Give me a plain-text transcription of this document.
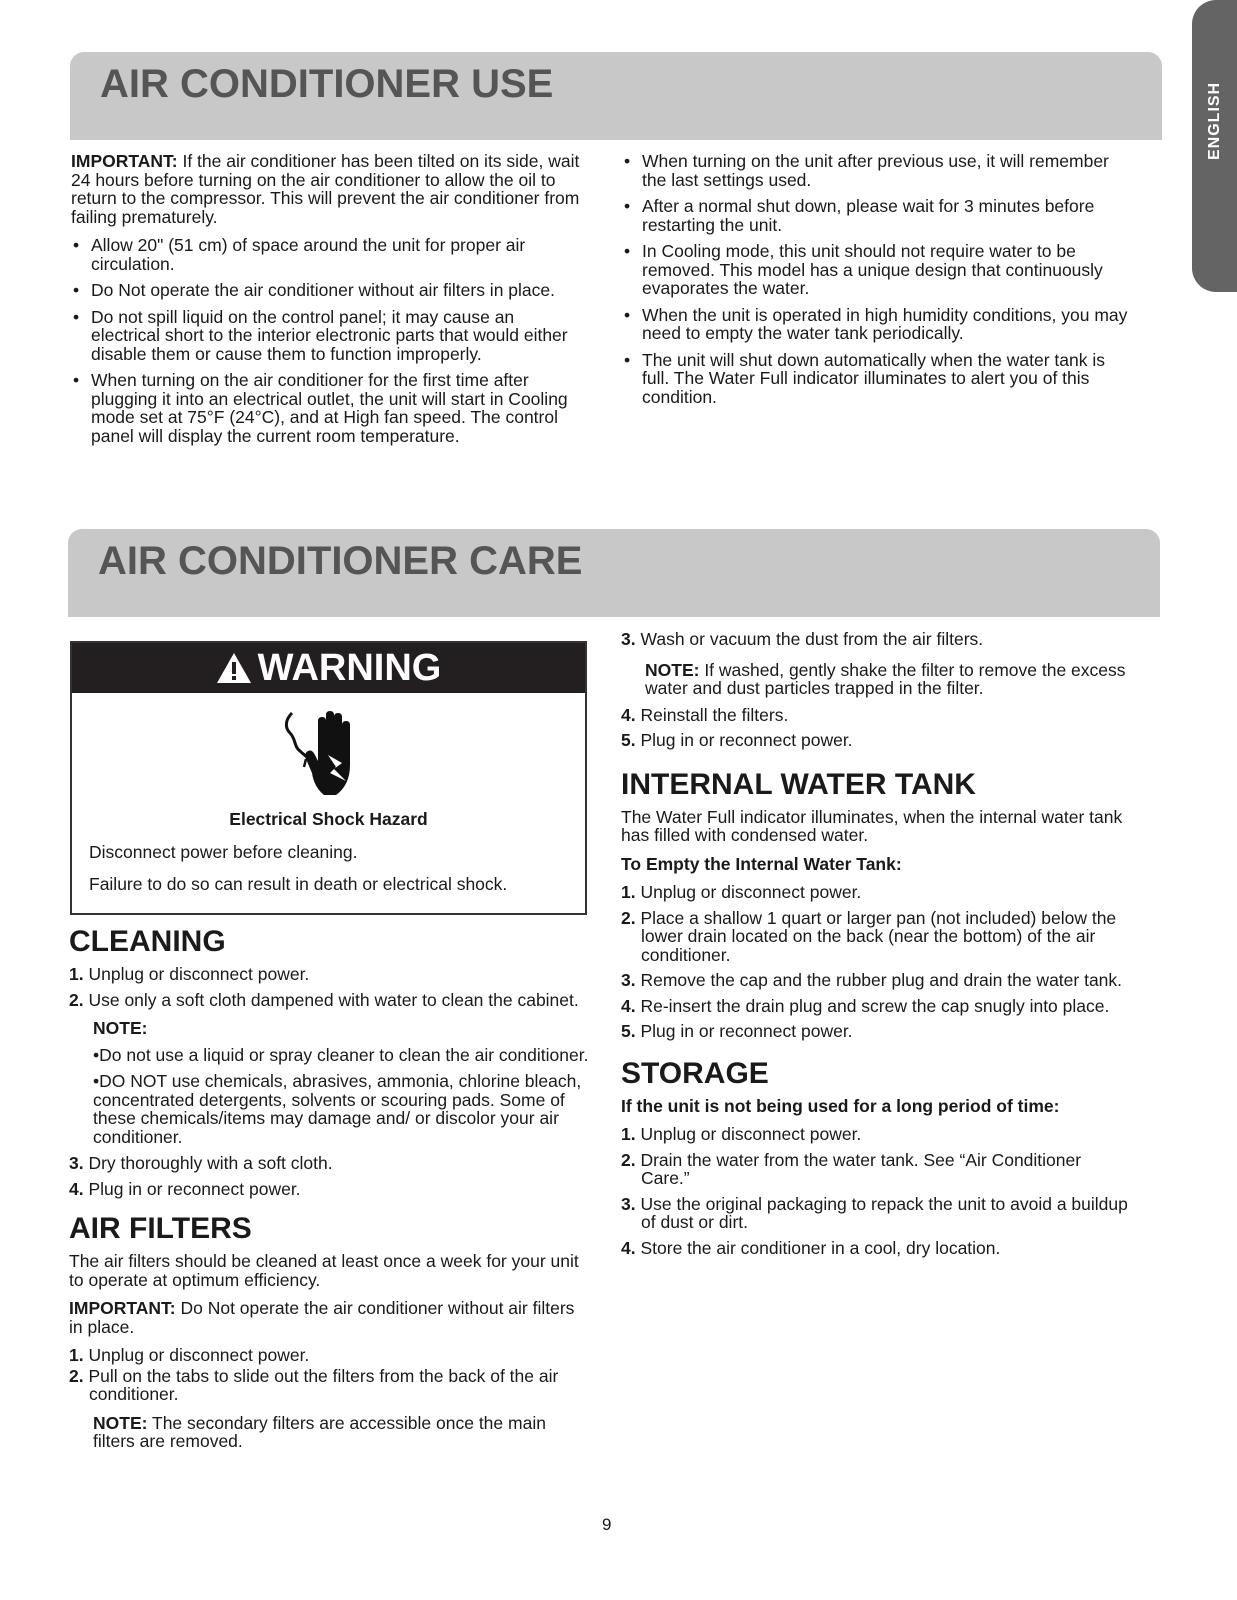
ENGLISH
AIR CONDITIONER USE

IMPORTANT: If the air conditioner has been tilted on its side, wait 24 hours before turning on the air conditioner to allow the oil to return to the compressor. This will prevent the air conditioner from failing prematurely.

• Allow 20" (51 cm) of space around the unit for proper air circulation.
• Do Not operate the air conditioner without air filters in place.
• Do not spill liquid on the control panel; it may cause an electrical short to the interior electronic parts that would either disable them or cause them to function improperly.
• When turning on the air conditioner for the first time after plugging it into an electrical outlet, the unit will start in Cooling mode set at 75°F (24°C), and at High fan speed. The control panel will display the current room temperature.
• When turning on the unit after previous use, it will remember the last settings used.
• After a normal shut down, please wait for 3 minutes before restarting the unit.
• In Cooling mode, this unit should not require water to be removed. This model has a unique design that continuously evaporates the water.
• When the unit is operated in high humidity conditions, you may need to empty the water tank periodically.
• The unit will shut down automatically when the water tank is full. The Water Full indicator illuminates to alert you of this condition.
AIR CONDITIONER CARE
WARNING
Electrical Shock Hazard
Disconnect power before cleaning.
Failure to do so can result in death or electrical shock.
CLEANING
1. Unplug or disconnect power.
2. Use only a soft cloth dampened with water to clean the cabinet.

NOTE:

•Do not use a liquid or spray cleaner to clean the air conditioner.

•DO NOT use chemicals, abrasives, ammonia, chlorine bleach, concentrated detergents, solvents or scouring pads. Some of these chemicals/items may damage and/ or discolor your air conditioner.

3. Dry thoroughly with a soft cloth.
4. Plug in or reconnect power.
AIR FILTERS

The air filters should be cleaned at least once a week for your unit to operate at optimum efficiency.

IMPORTANT: Do Not operate the air conditioner without air filters in place.

1. Unplug or disconnect power.
2. Pull on the tabs to slide out the filters from the back of the air conditioner.

NOTE: The secondary filters are accessible once the main filters are removed.

3. Wash or vacuum the dust from the air filters.

NOTE: If washed, gently shake the filter to remove the excess water and dust particles trapped in the filter.

4. Reinstall the filters.
5. Plug in or reconnect power.
INTERNAL WATER TANK

The Water Full indicator illuminates, when the internal water tank has filled with condensed water.

To Empty the Internal Water Tank:

1. Unplug or disconnect power.
2. Place a shallow 1 quart or larger pan (not included) below the lower drain located on the back (near the bottom) of the air conditioner.
3. Remove the cap and the rubber plug and drain the water tank.
4. Re-insert the drain plug and screw the cap snugly into place.
5. Plug in or reconnect power.
STORAGE

If the unit is not being used for a long period of time:

1. Unplug or disconnect power.
2. Drain the water from the water tank. See “Air Conditioner Care.”
3. Use the original packaging to repack the unit to avoid a buildup of dust or dirt.
4. Store the air conditioner in a cool, dry location.
9
